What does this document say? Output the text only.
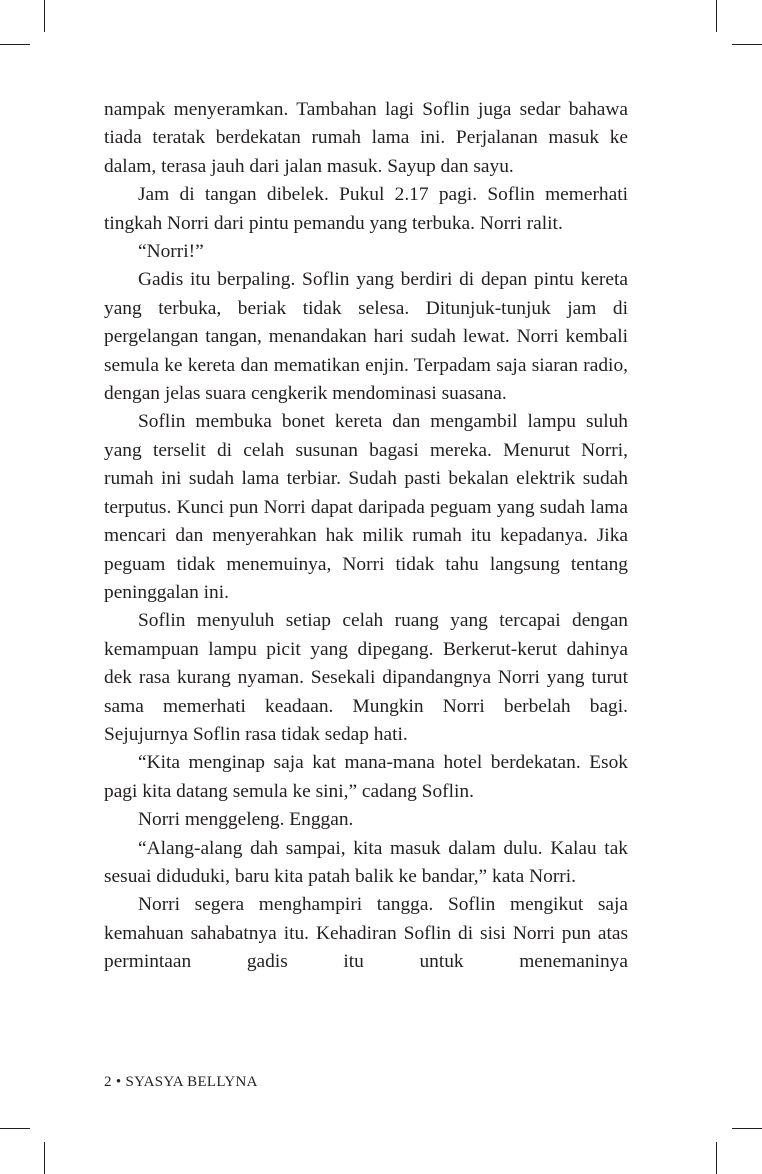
nampak menyeramkan. Tambahan lagi Soflin juga sedar bahawa tiada teratak berdekatan rumah lama ini. Perjalanan masuk ke dalam, terasa jauh dari jalan masuk. Sayup dan sayu.

Jam di tangan dibelek. Pukul 2.17 pagi. Soflin memerhati tingkah Norri dari pintu pemandu yang terbuka. Norri ralit.

“Norri!”

Gadis itu berpaling. Soflin yang berdiri di depan pintu kereta yang terbuka, beriak tidak selesa. Ditunjuk-tunjuk jam di pergelangan tangan, menandakan hari sudah lewat. Norri kembali semula ke kereta dan mematikan enjin. Terpadam saja siaran radio, dengan jelas suara cengkerik mendominasi suasana.

Soflin membuka bonet kereta dan mengambil lampu suluh yang terselit di celah susunan bagasi mereka. Menurut Norri, rumah ini sudah lama terbiar. Sudah pasti bekalan elektrik sudah terputus. Kunci pun Norri dapat daripada peguam yang sudah lama mencari dan menyerahkan hak milik rumah itu kepadanya. Jika peguam tidak menemuinya, Norri tidak tahu langsung tentang peninggalan ini.

Soflin menyuluh setiap celah ruang yang tercapai dengan kemampuan lampu picit yang dipegang. Berkerut-kerut dahinya dek rasa kurang nyaman. Sesekali dipandangnya Norri yang turut sama memerhati keadaan. Mungkin Norri berbelah bagi. Sejujurnya Soflin rasa tidak sedap hati.

“Kita menginap saja kat mana-mana hotel berdekatan. Esok pagi kita datang semula ke sini,” cadang Soflin.

Norri menggeleng. Enggan.

“Alang-alang dah sampai, kita masuk dalam dulu. Kalau tak sesuai diduduki, baru kita patah balik ke bandar,” kata Norri.

Norri segera menghampiri tangga. Soflin mengikut saja kemahuan sahabatnya itu. Kehadiran Soflin di sisi Norri pun atas permintaan gadis itu untuk menemaninya

2 • SYASYA BELLYNA
